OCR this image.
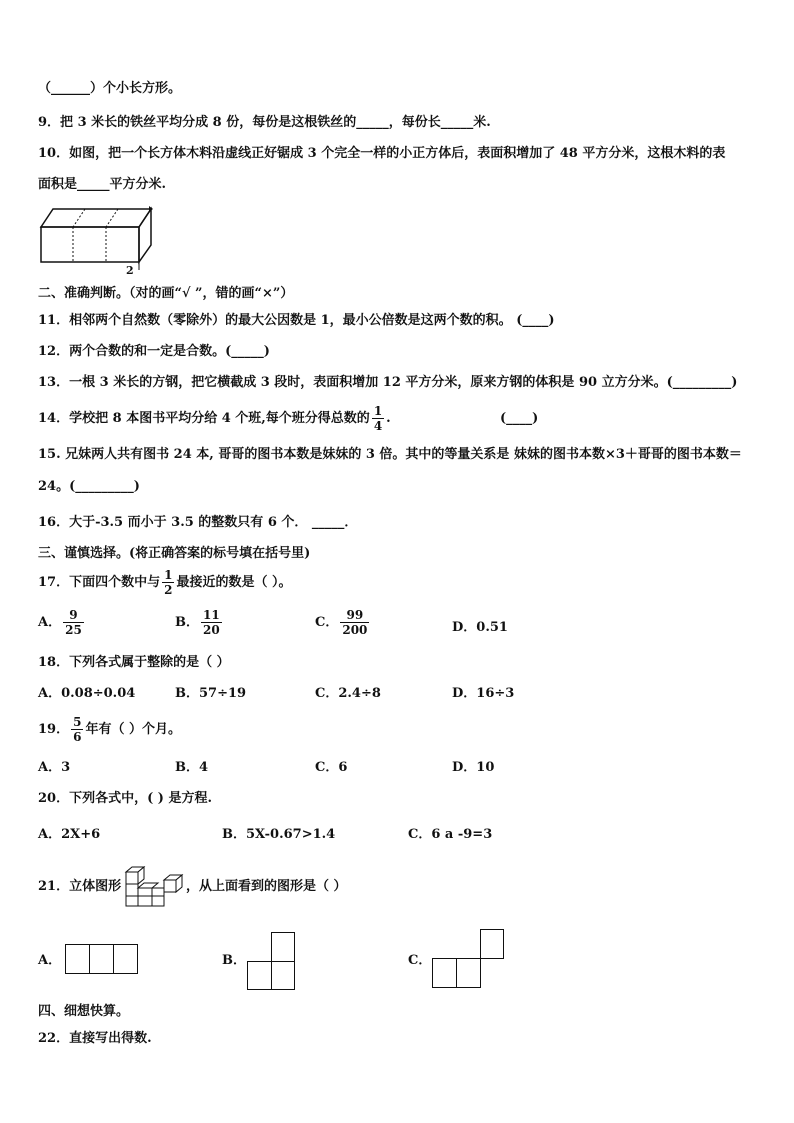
（______）个小长方形。
9．把 3 米长的铁丝平均分成 8 份，每份是这根铁丝的_____，每份长_____米.
10．如图，把一个长方体木料沿虚线正好锯成 3 个完全一样的小正方体后，表面积增加了 48 平方分米，这根木料的表
面积是_____平方分米.
2
二、准确判断。（对的画“√ ”，错的画“×”）
11．相邻两个自然数（零除外）的最大公因数是 1，最小公倍数是这两个数的积。 (____)
12．两个合数的和一定是合数。(_____)
13．一根 3 米长的方钢，把它横截成 3 段时，表面积增加 12 平方分米，原来方钢的体积是 90 立方分米。(_________)
14．学校把 8 本图书平均分给 4 个班,每个班分得总数的 $\frac{1}{4}$ .	(____)
15. 兄妹两人共有图书 24 本, 哥哥的图书本数是妹妹的 3 倍。其中的等量关系是 妹妹的图书本数×3＋哥哥的图书本数＝
24。(_________)
16．大于-3.5 而小于 3.5 的整数只有 6 个． _____．
三、谨慎选择。(将正确答案的标号填在括号里)
17．下面四个数中与 $\frac{1}{2}$ 最接近的数是（ ）。
A． $\frac{9}{25}$	B． $\frac{11}{20}$	C． $\frac{99}{200}$	D．0.51
18．下列各式属于整除的是（ ）
A．0.08÷0.04	B．57÷19	C．2.4÷8	D．16÷3
19． $\frac{5}{6}$ 年有（ ）个月。
A．3	B．4	C．6	D．10
20．下列各式中，( ) 是方程.
A．2X+6	B．5X-0.67>1.4	C．6 a -9=3
21．立体图形	，从上面看到的图形是（ ）
A．	B．	C．
四、细想快算。
22．直接写出得数.
